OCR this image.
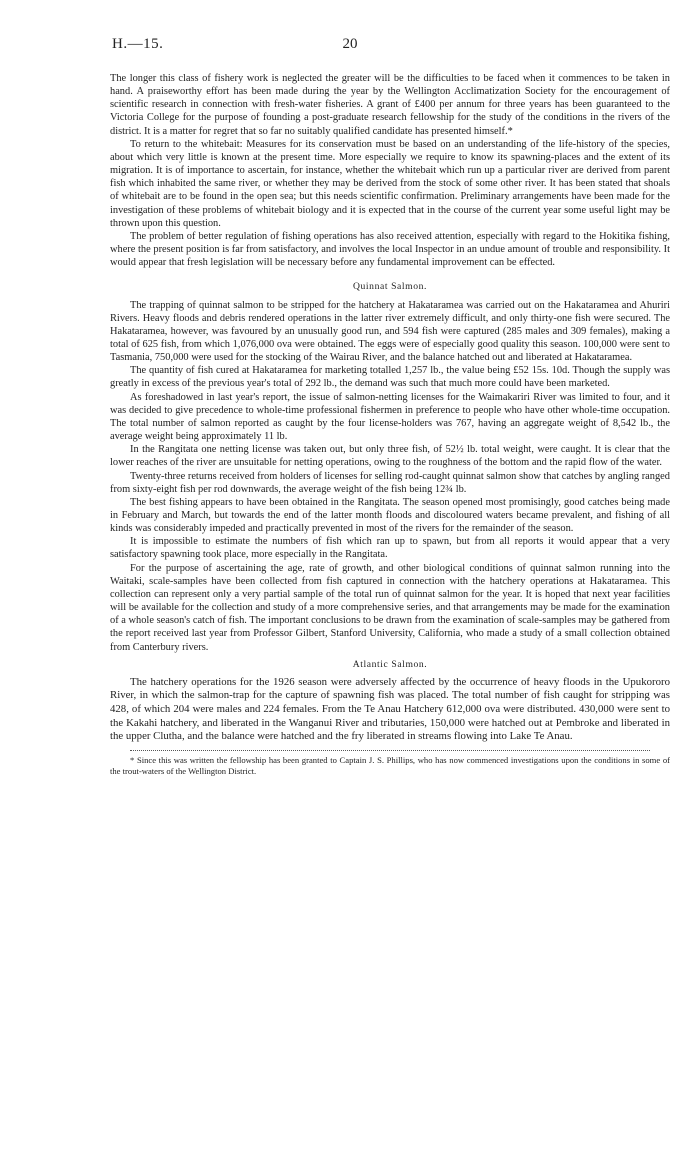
H.—15.	20

The longer this class of fishery work is neglected the greater will be the difficulties to be faced when it commences to be taken in hand. A praiseworthy effort has been made during the year by the Wellington Acclimatization Society for the encouragement of scientific research in connection with fresh-water fisheries. A grant of £400 per annum for three years has been guaranteed to the Victoria College for the purpose of founding a post-graduate research fellowship for the study of the conditions in the rivers of the district. It is a matter for regret that so far no suitably qualified candidate has presented himself.*

To return to the whitebait: Measures for its conservation must be based on an understanding of the life-history of the species, about which very little is known at the present time. More especially we require to know its spawning-places and the extent of its migration. It is of importance to ascertain, for instance, whether the whitebait which run up a particular river are derived from parent fish which inhabited the same river, or whether they may be derived from the stock of some other river. It has been stated that shoals of whitebait are to be found in the open sea; but this needs scientific confirmation. Preliminary arrangements have been made for the investigation of these problems of whitebait biology and it is expected that in the course of the current year some useful light may be thrown upon this question.

The problem of better regulation of fishing operations has also received attention, especially with regard to the Hokitika fishing, where the present position is far from satisfactory, and involves the local Inspector in an undue amount of trouble and responsibility. It would appear that fresh legislation will be necessary before any fundamental improvement can be effected.

Quinnat Salmon.

The trapping of quinnat salmon to be stripped for the hatchery at Hakataramea was carried out on the Hakataramea and Ahuriri Rivers. Heavy floods and debris rendered operations in the latter river extremely difficult, and only thirty-one fish were secured. The Hakataramea, however, was favoured by an unusually good run, and 594 fish were captured (285 males and 309 females), making a total of 625 fish, from which 1,076,000 ova were obtained. The eggs were of especially good quality this season. 100,000 were sent to Tasmania, 750,000 were used for the stocking of the Wairau River, and the balance hatched out and liberated at Hakataramea.

The quantity of fish cured at Hakataramea for marketing totalled 1,257 lb., the value being £52 15s. 10d. Though the supply was greatly in excess of the previous year's total of 292 lb., the demand was such that much more could have been marketed.

As foreshadowed in last year's report, the issue of salmon-netting licenses for the Waimakariri River was limited to four, and it was decided to give precedence to whole-time professional fishermen in preference to people who have other whole-time occupation. The total number of salmon reported as caught by the four license-holders was 767, having an aggregate weight of 8,542 lb., the average weight being approximately 11 lb.

In the Rangitata one netting license was taken out, but only three fish, of 52½ lb. total weight, were caught. It is clear that the lower reaches of the river are unsuitable for netting operations, owing to the roughness of the bottom and the rapid flow of the water.

Twenty-three returns received from holders of licenses for selling rod-caught quinnat salmon show that catches by angling ranged from sixty-eight fish per rod downwards, the average weight of the fish being 12¾ lb.

The best fishing appears to have been obtained in the Rangitata. The season opened most promisingly, good catches being made in February and March, but towards the end of the latter month floods and discoloured waters became prevalent, and fishing of all kinds was considerably impeded and practically prevented in most of the rivers for the remainder of the season.

It is impossible to estimate the numbers of fish which ran up to spawn, but from all reports it would appear that a very satisfactory spawning took place, more especially in the Rangitata.

For the purpose of ascertaining the age, rate of growth, and other biological conditions of quinnat salmon running into the Waitaki, scale-samples have been collected from fish captured in connection with the hatchery operations at Hakataramea. This collection can represent only a very partial sample of the total run of quinnat salmon for the year. It is hoped that next year facilities will be available for the collection and study of a more comprehensive series, and that arrangements may be made for the examination of a whole season's catch of fish. The important conclusions to be drawn from the examination of scale-samples may be gathered from the report received last year from Professor Gilbert, Stanford University, California, who made a study of a small collection obtained from Canterbury rivers.

Atlantic Salmon.

The hatchery operations for the 1926 season were adversely affected by the occurrence of heavy floods in the Upukororo River, in which the salmon-trap for the capture of spawning fish was placed. The total number of fish caught for stripping was 428, of which 204 were males and 224 females. From the Te Anau Hatchery 612,000 ova were distributed. 430,000 were sent to the Kakahi hatchery, and liberated in the Wanganui River and tributaries, 150,000 were hatched out at Pembroke and liberated in the upper Clutha, and the balance were hatched and the fry liberated in streams flowing into Lake Te Anau.

* Since this was written the fellowship has been granted to Captain J. S. Phillips, who has now commenced investigations upon the conditions in some of the trout-waters of the Wellington District.
